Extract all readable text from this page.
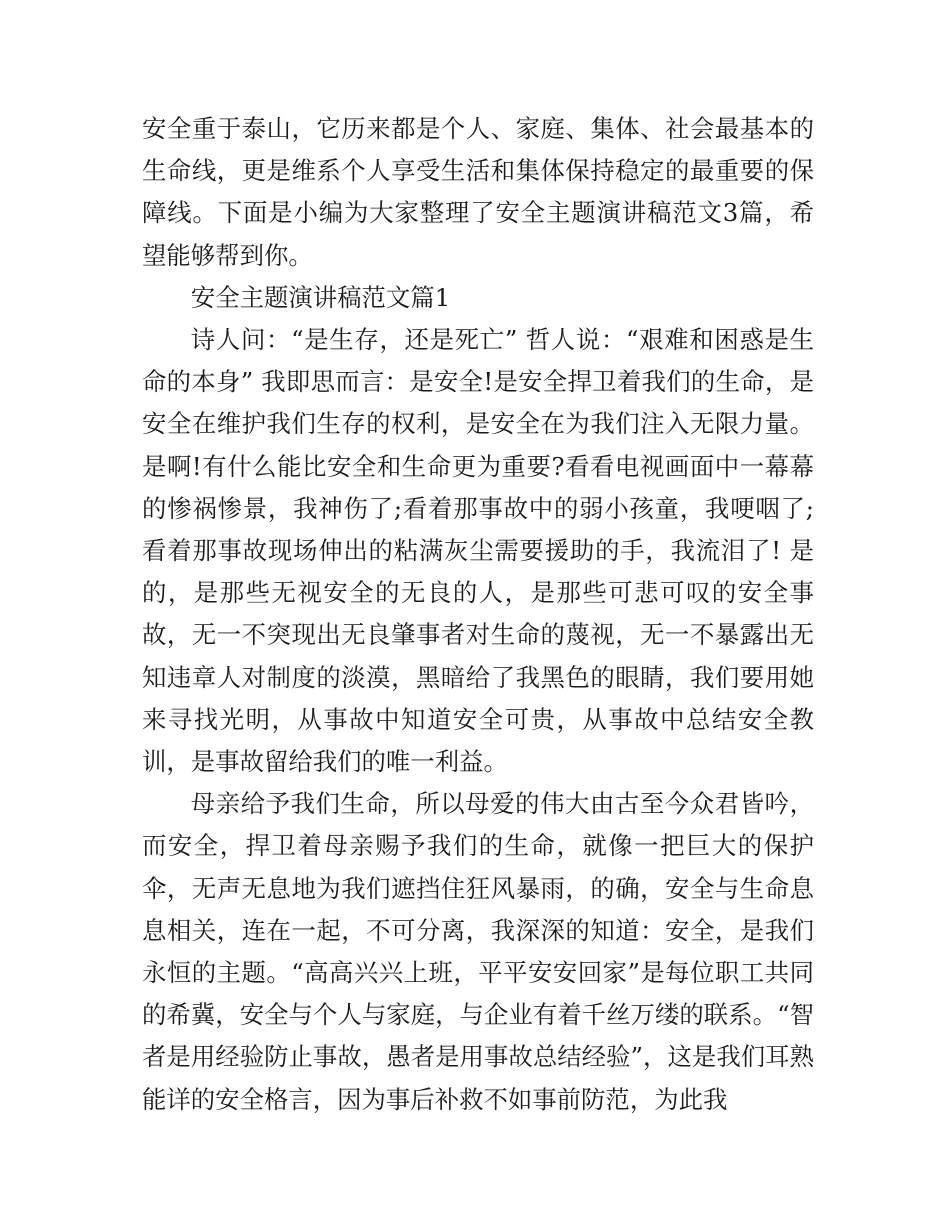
安全重于泰山，它历来都是个人、家庭、集体、社会最基本的生命线，更是维系个人享受生活和集体保持稳定的最重要的保障线。下面是小编为大家整理了安全主题演讲稿范文3篇，希望能够帮到你。

安全主题演讲稿范文篇1

诗人问：“是生存，还是死亡” 哲人说：“艰难和困惑是生命的本身” 我即思而言：是安全!是安全捍卫着我们的生命，是安全在维护我们生存的权利，是安全在为我们注入无限力量。 是啊!有什么能比安全和生命更为重要?看看电视画面中一幕幕的惨祸惨景，我神伤了;看着那事故中的弱小孩童，我哽咽了;看着那事故现场伸出的粘满灰尘需要援助的手，我流泪了! 是的，是那些无视安全的无良的人，是那些可悲可叹的安全事故，无一不突现出无良肇事者对生命的蔑视，无一不暴露出无知违章人对制度的淡漠，黑暗给了我黑色的眼睛，我们要用她来寻找光明，从事故中知道安全可贵，从事故中总结安全教训，是事故留给我们的唯一利益。

母亲给予我们生命，所以母爱的伟大由古至今众君皆吟，而安全，捍卫着母亲赐予我们的生命，就像一把巨大的保护伞，无声无息地为我们遮挡住狂风暴雨，的确，安全与生命息息相关，连在一起，不可分离，我深深的知道：安全，是我们永恒的主题。“高高兴兴上班，平平安安回家”是每位职工共同的希冀，安全与个人与家庭，与企业有着千丝万缕的联系。“智者是用经验防止事故，愚者是用事故总结经验”，这是我们耳熟能详的安全格言，因为事后补救不如事前防范，为此我
